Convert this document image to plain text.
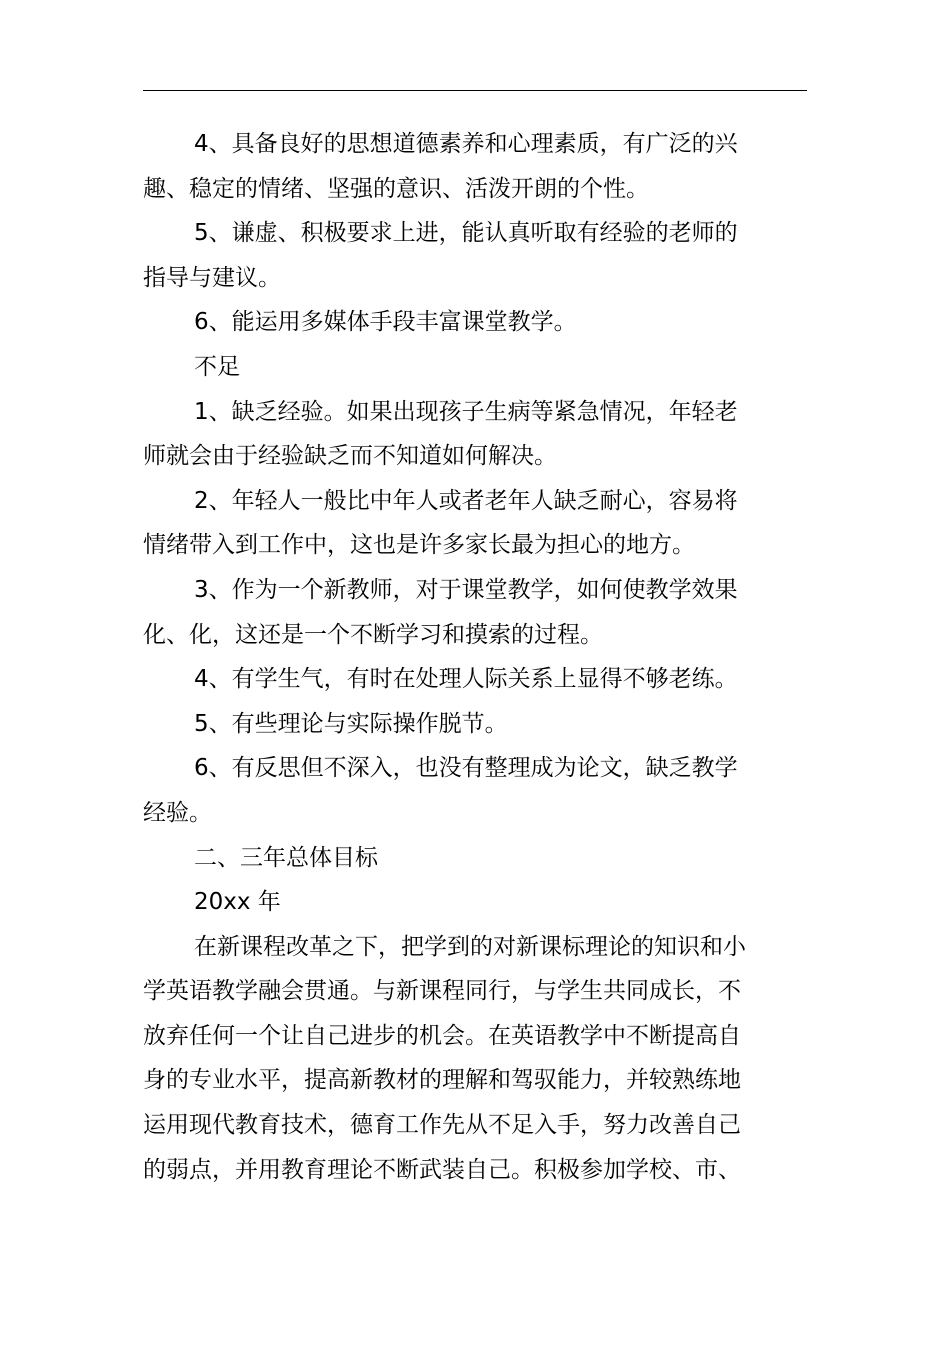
4、具备良好的思想道德素养和心理素质，有广泛的兴

趣、稳定的情绪、坚强的意识、活泼开朗的个性。

5、谦虚、积极要求上进，能认真听取有经验的老师的

指导与建议。

6、能运用多媒体手段丰富课堂教学。

不足

1、缺乏经验。如果出现孩子生病等紧急情况，年轻老

师就会由于经验缺乏而不知道如何解决。

2、年轻人一般比中年人或者老年人缺乏耐心，容易将

情绪带入到工作中，这也是许多家长最为担心的地方。

3、作为一个新教师，对于课堂教学，如何使教学效果

化、化，这还是一个不断学习和摸索的过程。

4、有学生气，有时在处理人际关系上显得不够老练。

5、有些理论与实际操作脱节。

6、有反思但不深入，也没有整理成为论文，缺乏教学

经验。

二、三年总体目标

20xx 年

在新课程改革之下，把学到的对新课标理论的知识和小

学英语教学融会贯通。与新课程同行，与学生共同成长，不

放弃任何一个让自己进步的机会。在英语教学中不断提高自

身的专业水平，提高新教材的理解和驾驭能力，并较熟练地

运用现代教育技术，德育工作先从不足入手，努力改善自己

的弱点，并用教育理论不断武装自己。积极参加学校、市、
